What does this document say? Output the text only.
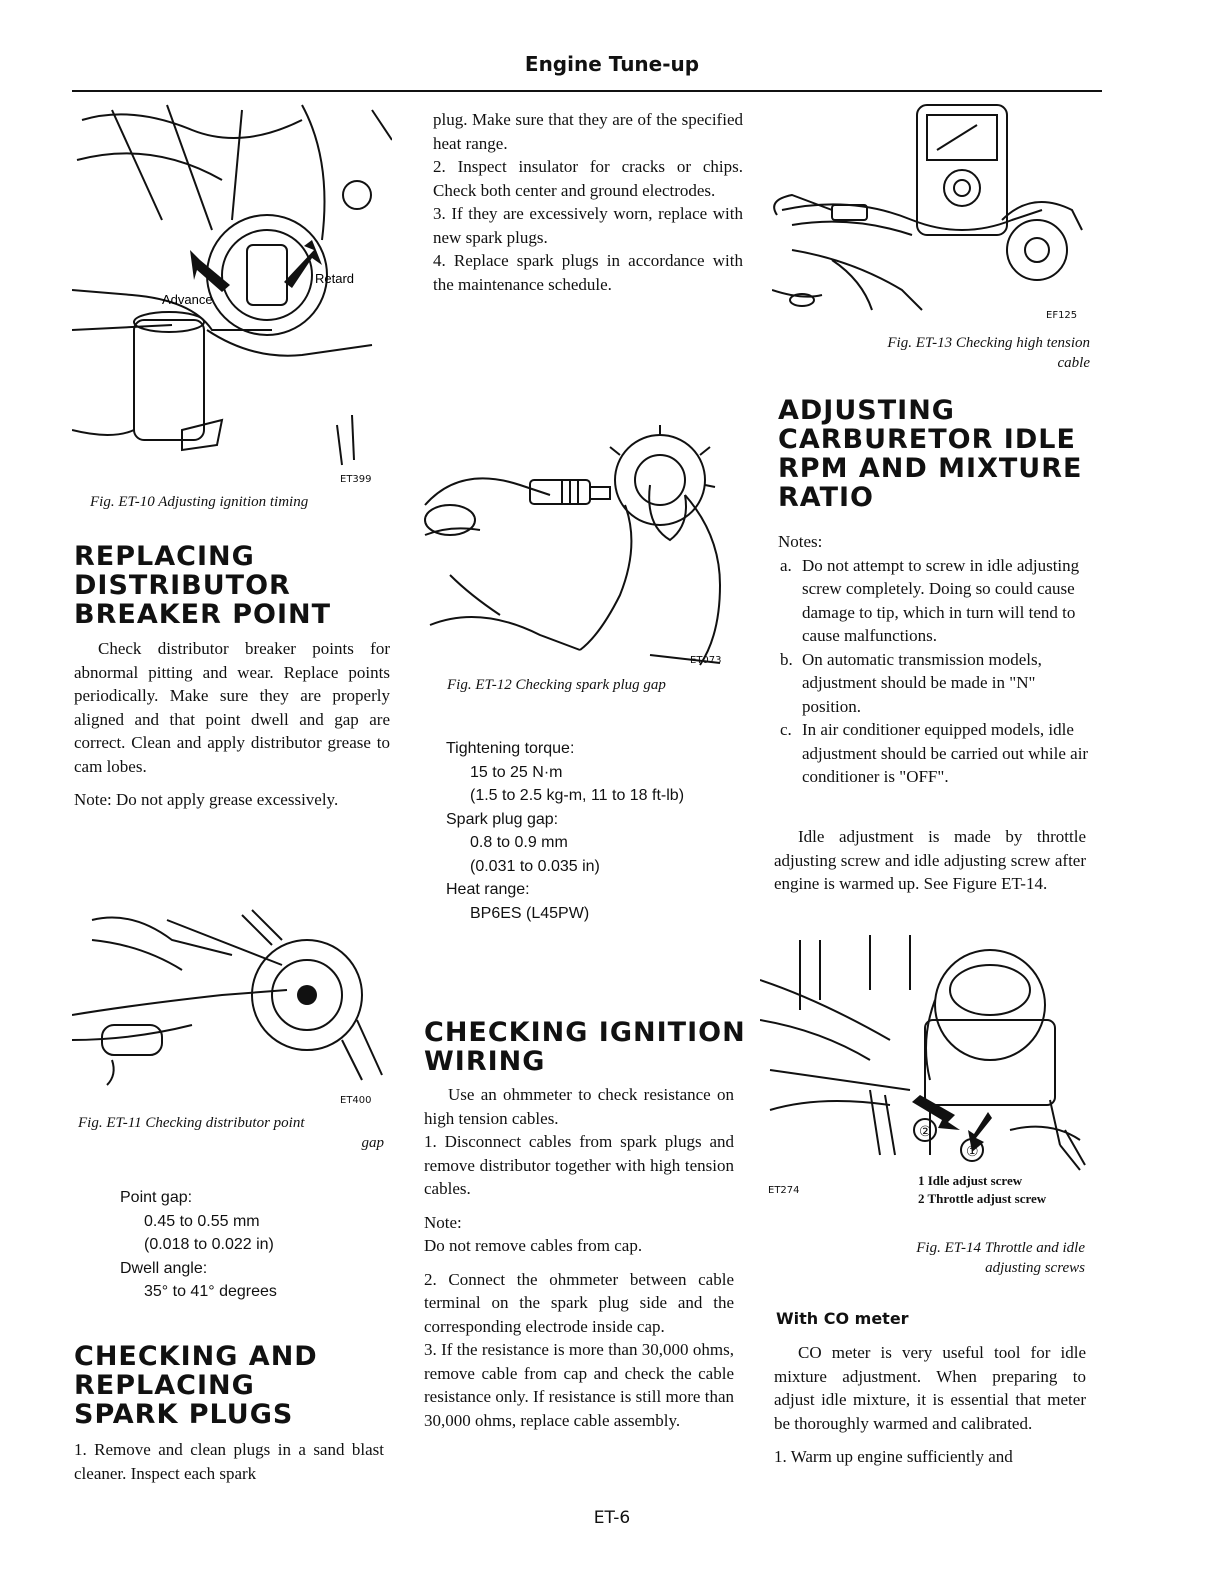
Engine Tune-up
Advance
Retard
ET399
Fig. ET-10 Adjusting ignition timing
REPLACING
DISTRIBUTOR
BREAKER POINT

Check distributor breaker points for abnormal pitting and wear. Replace points periodically. Make sure they are properly aligned and that point dwell and gap are correct. Clean and apply distributor grease to cam lobes.

Note: Do not apply grease excessively.

ET400
Fig. ET-11 Checking distributor point
gap
Point gap:
0.45 to 0.55 mm
(0.018 to 0.022 in)
Dwell angle:
35° to 41° degrees
CHECKING AND
REPLACING
SPARK PLUGS
1. Remove and clean plugs in a sand blast cleaner. Inspect each spark

plug. Make sure that they are of the specified heat range.

2. Inspect insulator for cracks or chips. Check both center and ground electrodes.

3. If they are excessively worn, replace with new spark plugs.

4. Replace spark plugs in accordance with the maintenance schedule.

ET073
Fig. ET-12 Checking spark plug gap
Tightening torque:
15 to 25 N·m
(1.5 to 2.5 kg-m, 11 to 18 ft-lb)
Spark plug gap:
0.8 to 0.9 mm
(0.031 to 0.035 in)
Heat range:
BP6ES (L45PW)
CHECKING IGNITION
WIRING

Use an ohmmeter to check resistance on high tension cables.

1. Disconnect cables from spark plugs and remove distributor together with high tension cables.

Note:

Do not remove cables from cap.

2. Connect the ohmmeter between cable terminal on the spark plug side and the corresponding electrode inside cap.

3. If the resistance is more than 30,000 ohms, remove cable from cap and check the cable resistance only. If resistance is still more than 30,000 ohms, replace cable assembly.

EF125
Fig. ET-13 Checking high tension
cable
ADJUSTING
CARBURETOR IDLE
RPM AND MIXTURE
RATIO

Notes:

a. Do not attempt to screw in idle adjusting screw completely. Doing so could cause damage to tip, which in turn will tend to cause malfunctions.
b. On automatic transmission models, adjustment should be made in "N" position.
c. In air conditioner equipped models, idle adjustment should be carried out while air conditioner is "OFF".
Idle adjustment is made by throttle adjusting screw and idle adjusting screw after engine is warmed up. See Figure ET-14.
②
①
ET274
1 Idle adjust screw
2 Throttle adjust screw
Fig. ET-14 Throttle and idle
adjusting screws
With CO meter

CO meter is very useful tool for idle mixture adjustment. When preparing to adjust idle mixture, it is essential that meter be thoroughly warmed and calibrated.

1. Warm up engine sufficiently and

ET-6
